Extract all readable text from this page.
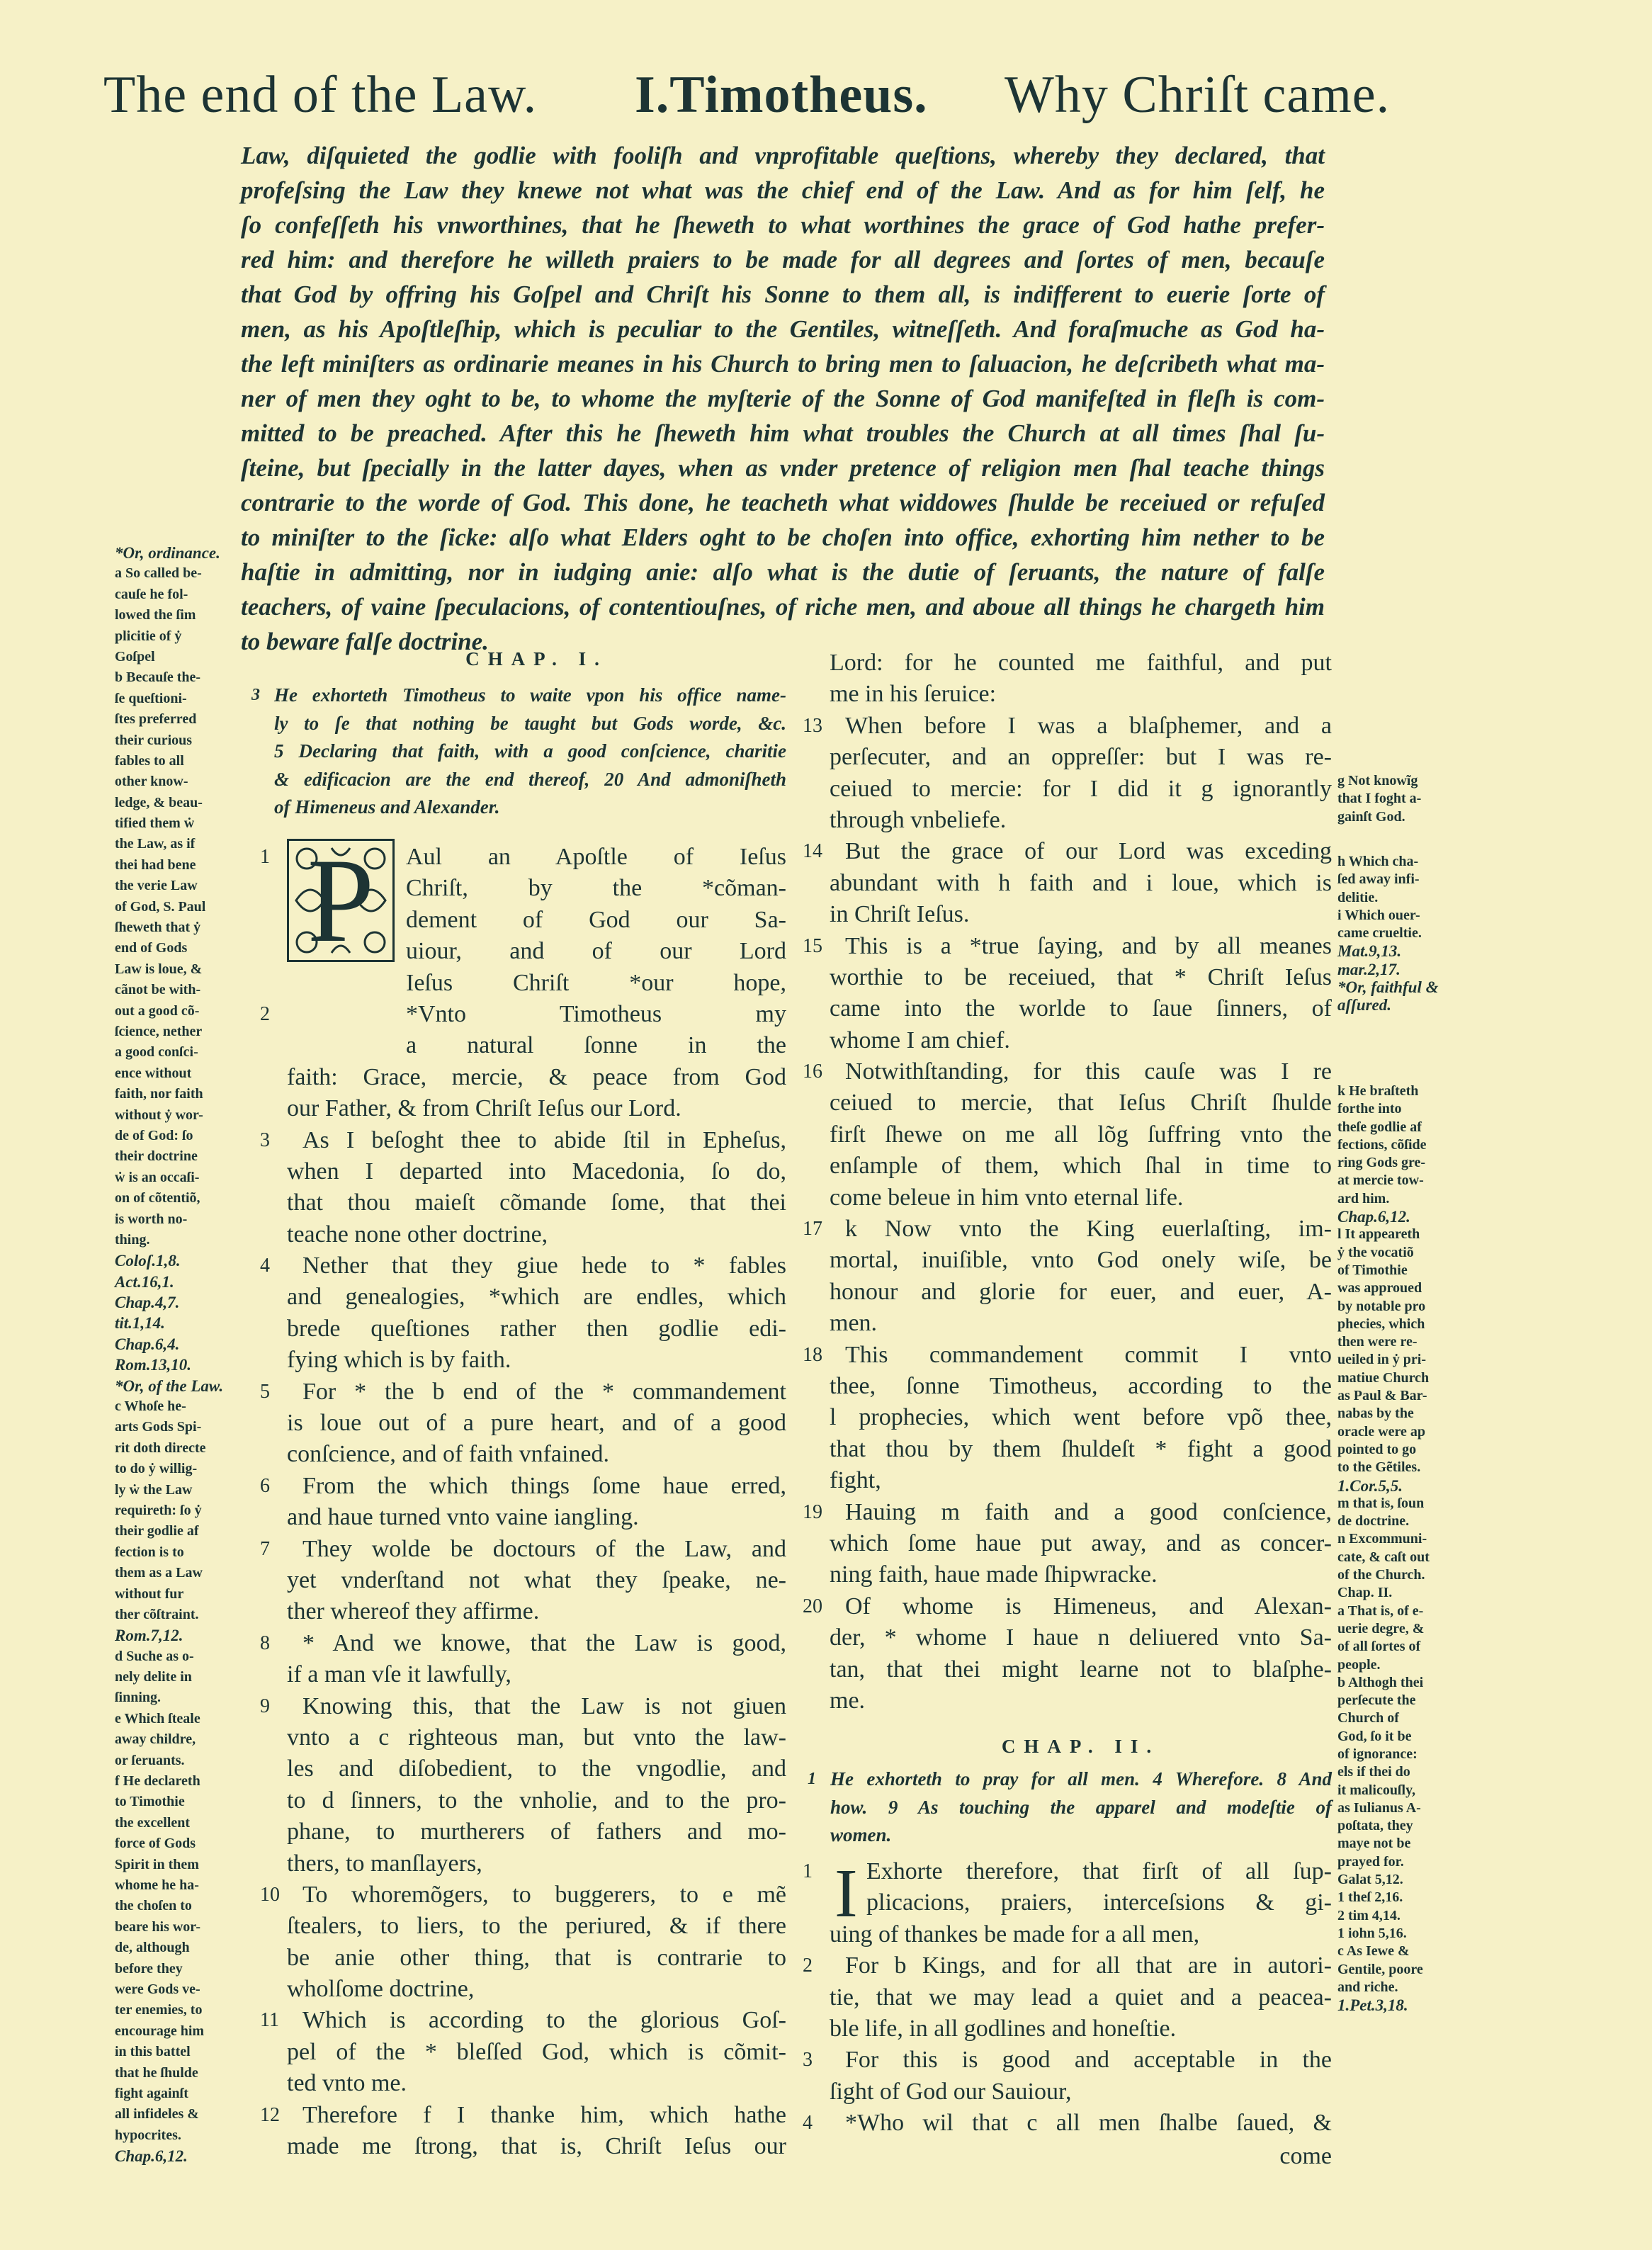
The end of the Law. I.Timotheus. Why Chriſt came.
Law, diſquieted the godlie with fooliſh and vnprofitable queſtions, whereby they declared, that
profeſsing the Law they knewe not what was the chief end of the Law. And as for him ſelf, he
ſo confeſſeth his vnworthines, that he ſheweth to what worthines the grace of God hathe prefer-
red him: and therefore he willeth praiers to be made for all degrees and ſortes of men, becauſe
that God by offring his Goſpel and Chriſt his Sonne to them all, is indifferent to euerie ſorte of
men, as his Apoſtleſhip, which is peculiar to the Gentiles, witneſſeth. And foraſmuche as God ha-
the left miniſters as ordinarie meanes in his Church to bring men to ſaluacion, he deſcribeth what ma-
ner of men they oght to be, to whome the myſterie of the Sonne of God manifeſted in fleſh is com-
mitted to be preached. After this he ſheweth him what troubles the Church at all times ſhal ſu-
ſteine, but ſpecially in the latter dayes, when as vnder pretence of religion men ſhal teache things
contrarie to the worde of God. This done, he teacheth what widdowes ſhulde be receiued or refuſed
to miniſter to the ſicke: alſo what Elders oght to be choſen into office, exhorting him nether to be
haſtie in admitting, nor in iudging anie: alſo what is the dutie of ſeruants, the nature of falſe
teachers, of vaine ſpeculacions, of contentiouſnes, of riche men, and aboue all things he chargeth him
to beware falſe doctrine.
*Or, ordinance.
a So called be-
cauſe he fol-
lowed the ſim
plicitie of ẏ
Goſpel
b Becauſe the-
ſe queſtioni-
ſtes preferred
their curious
fables to all
other know-
ledge, & beau-
tified them ẇ
the Law, as if
thei had bene
the verie Law
of God, S. Paul
ſheweth that ẏ
end of Gods
Law is loue, &
cãnot be with-
out a good cõ-
ſcience, nether
a good conſci-
ence without
faith, nor faith
without ẏ wor-
de of God: ſo
their doctrine
ẇ is an occaſi-
on of cõtentiõ,
is worth no-
thing.
Coloſ.1,8.
Act.16,1.
Chap.4,7.
tit.1,14.
Chap.6,4.
Rom.13,10.
*Or, of the Law.
c Whoſe he-
arts Gods Spi-
rit doth directe
to do ẏ willig-
ly ẇ the Law
requireth: ſo ẏ
their godlie af
fection is to
them as a Law
without fur
ther cõſtraint.
Rom.7,12.
d Suche as o-
nely delite in
ſinning.
e Which ſteale
away childre,
or ſeruants.
f He declareth
to Timothie
the excellent
force of Gods
Spirit in them
whome he ha-
the choſen to
beare his wor-
de, although
before they
were Gods ve-
ter enemies, to
encourage him
in this battel
that he ſhulde
fight againſt
all infideles &
hypocrites.
Chap.6,12.
CHAP. I.
3 He exhorteth Timotheus to waite vpon his office name-
ly to ſe that nothing be taught but Gods worde, &c.
5 Declaring that faith, with a good conſcience, charitie
& edificacion are the end thereof, 20 And admoniſheth
of Himeneus and Alexander.
P
1	Aul an Apoſtle of Ieſus
Chriſt, by the *cõman-
dement of God our Sa-
uiour, and of our Lord
Ieſus Chriſt *our hope,
2	*Vnto Timotheus my
a natural ſonne in the
faith: Grace, mercie, & peace from God
our Father, & from Chriſt Ieſus our Lord.
3 As I beſoght thee to abide ſtil in Epheſus,
when I departed into Macedonia, ſo do,
that thou maieſt cõmande ſome, that thei
teache none other doctrine,
4 Nether that they giue hede to * fables
and genealogies, *which are endles, which
brede queſtiones rather then godlie edi-
fying which is by faith.
5 For * the b end of the * commandement
is loue out of a pure heart, and of a good
conſcience, and of faith vnfained.
6 From the which things ſome haue erred,
and haue turned vnto vaine iangling.
7 They wolde be doctours of the Law, and
yet vnderſtand not what they ſpeake, ne-
ther whereof they affirme.
8 * And we knowe, that the Law is good,
if a man vſe it lawfully,
9 Knowing this, that the Law is not giuen
vnto a c righteous man, but vnto the law-
les and diſobedient, to the vngodlie, and
to d ſinners, to the vnholie, and to the pro-
phane, to murtherers of fathers and mo-
thers, to manſlayers,
10 To whoremõgers, to buggerers, to e mẽ
ſtealers, to liers, to the periured, & if there
be anie other thing, that is contrarie to
wholſome doctrine,
11 Which is according to the glorious Goſ-
pel of the * bleſſed God, which is cõmit-
ted vnto me.
12 Therefore f I thanke him, which hathe
made me ſtrong, that is, Chriſt Ieſus our
Lord: for he counted me faithful, and put
me in his ſeruice:
13 When before I was a blaſphemer, and a
perſecuter, and an oppreſſer: but I was re-
ceiued to mercie: for I did it g ignorantly
through vnbeliefe.
14 But the grace of our Lord was exceding
abundant with h faith and i loue, which is
in Chriſt Ieſus.
15 This is a *true ſaying, and by all meanes
worthie to be receiued, that * Chriſt Ieſus
came into the worlde to ſaue ſinners, of
whome I am chief.
16 Notwithſtanding, for this cauſe was I re
ceiued to mercie, that Ieſus Chriſt ſhulde
firſt ſhewe on me all lõg ſuffring vnto the
enſample of them, which ſhal in time to
come beleue in him vnto eternal life.
17 k Now vnto the King euerlaſting, im-
mortal, inuiſible, vnto God onely wiſe, be
honour and glorie for euer, and euer, A-
men.
18 This commandement commit I vnto
thee, ſonne Timotheus, according to the
l prophecies, which went before vpõ thee,
that thou by them ſhuldeſt * fight a good
fight,
19 Hauing m faith and a good conſcience,
which ſome haue put away, and as concer-
ning faith, haue made ſhipwracke.
20 Of whome is Himeneus, and Alexan-
der, * whome I haue n deliuered vnto Sa-
tan, that thei might learne not to blaſphe-
me.
CHAP. II.
1 He exhorteth to pray for all men. 4 Wherefore. 8 And
how. 9 As touching the apparel and modeſtie of
women.
I
1 Exhorte therefore, that firſt of all ſup-
plicacions, praiers, interceſsions & gi-
uing of thankes be made for a all men,
2 For b Kings, and for all that are in autori-
tie, that we may lead a quiet and a peacea-
ble life, in all godlines and honeſtie.
3 For this is good and acceptable in the
ſight of God our Sauiour,
4 *Who wil that c all men ſhalbe ſaued, &
come
g Not knowĩg
that I foght a-
gainſt God.
h Which cha-
ſed away infi-
delitie.
i Which ouer-
came crueltie.
Mat.9,13.
mar.2,17.
*Or, faithful &
aſſured.
k He braſteth
forthe into
theſe godlie af
fections, cõſide
ring Gods gre-
at mercie tow-
ard him.
Chap.6,12.
l It appeareth
ẏ the vocatiõ
of Timothie
was approued
by notable pro
phecies, which
then were re-
ueiled in ẏ pri-
matiue Church
as Paul & Bar-
nabas by the
oracle were ap
pointed to go
to the Gẽtiles.
1.Cor.5,5.
m that is, ſoun
de doctrine.
n Excommuni-
cate, & caſt out
of the Church.
Chap. II.
a That is, of e-
uerie degre, &
of all ſortes of
people.
b Althogh thei
perſecute the
Church of
God, ſo it be
of ignorance:
els if thei do
it malicouſly,
as Iulianus A-
poſtata, they
maye not be
prayed for.
Galat 5,12.
1 theſ 2,16.
2 tim 4,14.
1 iohn 5,16.
c As Iewe &
Gentile, poore
and riche.
1.Pet.3,18.
